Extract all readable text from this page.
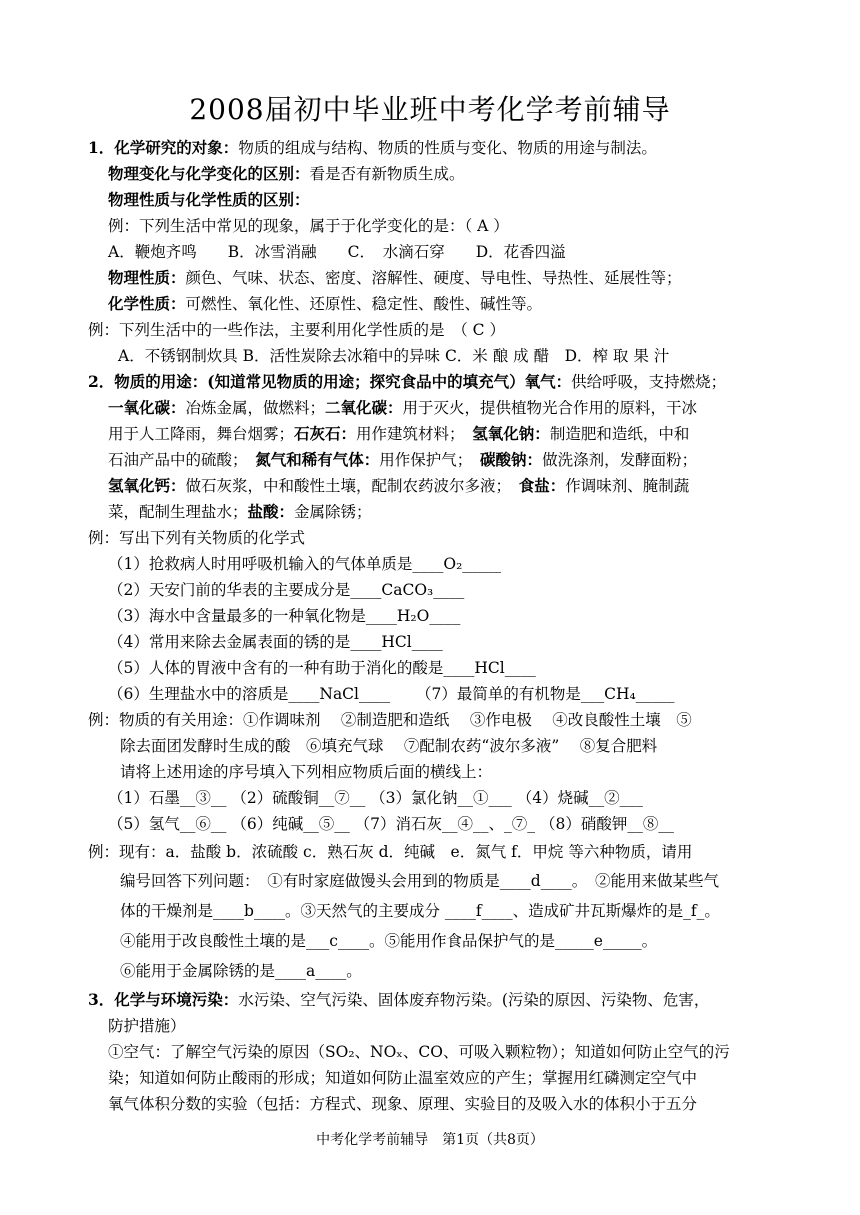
2008届初中毕业班中考化学考前辅导
1．化学研究的对象：物质的组成与结构、物质的性质与变化、物质的用途与制法。
物理变化与化学变化的区别：看是否有新物质生成。
物理性质与化学性质的区别：
例：下列生活中常见的现象，属于于化学变化的是：（ A ）
A．鞭炮齐鸣　　B．冰雪消融　　C．　水滴石穿　　D．花香四溢
物理性质：颜色、气味、状态、密度、溶解性、硬度、导电性、导热性、延展性等；
化学性质：可燃性、氧化性、还原性、稳定性、酸性、碱性等。
例：下列生活中的一些作法，主要利用化学性质的是　（ C ）
A．不锈钢制炊具 B．活性炭除去冰箱中的异味 C．米 酿 成 醋　D．榨 取 果 汁
2．物质的用途：(知道常见物质的用途；探究食品中的填充气）氧气：供给呼吸，支持燃烧；
一氧化碳：冶炼金属，做燃料；二氧化碳：用于灭火，提供植物光合作用的原料，干冰
用于人工降雨，舞台烟雾；石灰石：用作建筑材料；　氢氧化钠：制造肥和造纸，中和
石油产品中的硫酸；　氮气和稀有气体：用作保护气；　碳酸钠：做洗涤剂，发酵面粉；
氢氧化钙：做石灰浆，中和酸性土壤，配制农药波尔多液；　食盐：作调味剂、腌制蔬
菜，配制生理盐水；盐酸：金属除锈；
例：写出下列有关物质的化学式
（1）抢救病人时用呼吸机输入的气体单质是____O₂_____
（2）天安门前的华表的主要成分是____CaCO₃____
（3）海水中含量最多的一种氧化物是____H₂O____
（4）常用来除去金属表面的锈的是____HCl____
（5）人体的胃液中含有的一种有助于消化的酸是____HCl____
（6）生理盐水中的溶质是____NaCl____ （7）最简单的有机物是___CH₄_____
例：物质的有关用途：①作调味剂　 ②制造肥和造纸　 ③作电极　 ④改良酸性土壤　⑤
除去面团发酵时生成的酸　⑥填充气球　 ⑦配制农药“波尔多液”　 ⑧复合肥料
请将上述用途的序号填入下列相应物质后面的横线上：
（1）石墨__③__ （2）硫酸铜__⑦__ （3）氯化钠__①___ （4）烧碱__②___
（5）氢气__⑥__ （6）纯碱__⑤__ （7）消石灰__④__、_⑦_ （8）硝酸钾__⑧__
例：现有：a．盐酸 b．浓硫酸 c．熟石灰 d．纯碱　e．氮气 f．甲烷 等六种物质，请用
编号回答下列问题：　①有时家庭做馒头会用到的物质是____d____。　②能用来做某些气
体的干燥剂是____b____。③天然气的主要成分 ____f____、造成矿井瓦斯爆炸的是_f_。
④能用于改良酸性土壤的是___c____。⑤能用作食品保护气的是_____e_____。
⑥能用于金属除锈的是____a____。
3．化学与环境污染：水污染、空气污染、固体废弃物污染。(污染的原因、污染物、危害，
防护措施）
①空气：了解空气污染的原因（SO₂、NOₓ、CO、可吸入颗粒物）；知道如何防止空气的污
染；知道如何防止酸雨的形成；知道如何防止温室效应的产生；掌握用红磷测定空气中
氧气体积分数的实验（包括：方程式、现象、原理、实验目的及吸入水的体积小于五分
中考化学考前辅导　第1页（共8页）
